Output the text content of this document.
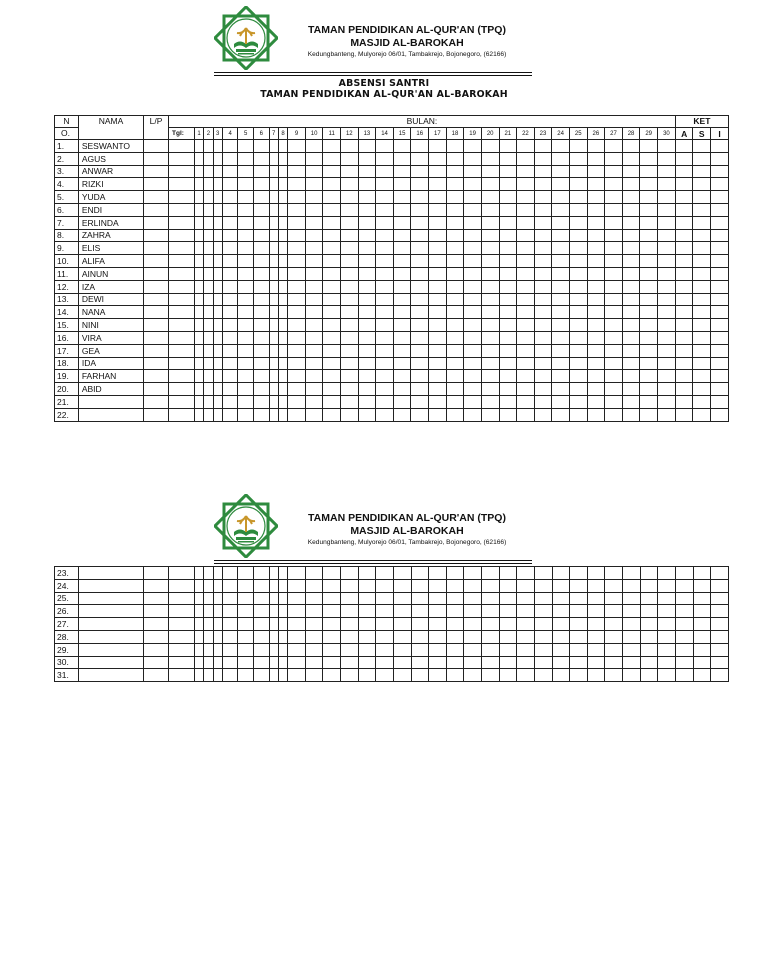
TAMAN PENDIDIKAN AL-QUR'AN (TPQ)
MASJID AL-BAROKAH
Kedungbanteng, Mulyorejo 06/01, Tambakrejo, Bojonegoro, (62166)
ABSENSI SANTRI
TAMAN PENDIDIKAN AL-QUR'AN AL-BAROKAH
N	NAMA	L/P	BULAN:																															KET		
O.			Tgl:	1	2	3	4	5	6	7	8	9	10	11	12	13	14	15	16	17	18	19	20	21	22	23	24	25	26	27	28	29	30	A	S	I
1.	SESWANTO																																			
2.	AGUS																																			
3.	ANWAR																																			
4.	RIZKI																																			
5.	YUDA																																			
6.	ENDI																																			
7.	ERLINDA																																			
8.	ZAHRA																																			
9.	ELIS																																			
10.	ALIFA																																			
11.	AINUN																																			
12.	IZA																																			
13.	DEWI																																			
14.	NANA																																			
15.	NINI																																			
16.	VIRA																																			
17.	GEA																																			
18.	IDA																																			
19.	FARHAN																																			
20.	ABID																																			
21.																																				
22.																																				
TAMAN PENDIDIKAN AL-QUR'AN (TPQ)
MASJID AL-BAROKAH
Kedungbanteng, Mulyorejo 06/01, Tambakrejo, Bojonegoro, (62166)
23.																																				
24.																																				
25.																																				
26.																																				
27.																																				
28.																																				
29.																																				
30.																																				
31.																																				
